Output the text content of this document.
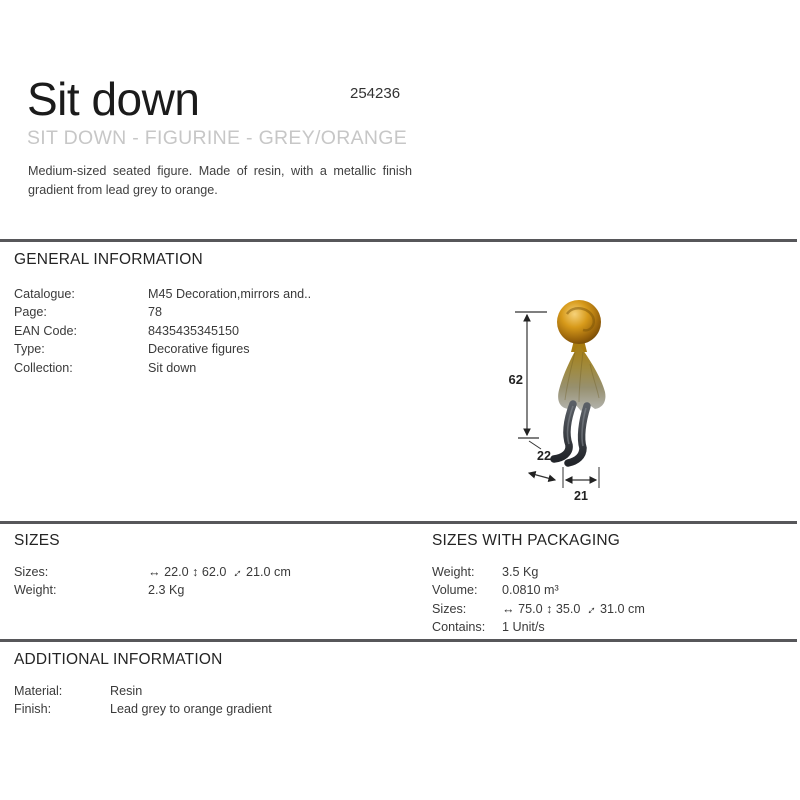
Sit down	254236
SIT DOWN - FIGURINE - GREY/ORANGE

Medium-sized seated figure. Made of resin, with a metallic finish gradient from lead grey to orange.

GENERAL INFORMATION
Catalogue:	M45 Decoration,mirrors and..
Page:	78
EAN Code:	8435435345150
Type:	Decorative figures
Collection:	Sit down
62
22
21
SIZES
Sizes:	↔ 22.0 ↕ 62.0 ↔ 21.0 cm
Weight:	2.3 Kg
SIZES WITH PACKAGING
Weight:	3.5 Kg
Volume:	0.0810 m³
Sizes:	↔ 75.0 ↕ 35.0 ↔ 31.0 cm
Contains:	1 Unit/s
ADDITIONAL INFORMATION
Material:	Resin
Finish:	Lead grey to orange gradient
